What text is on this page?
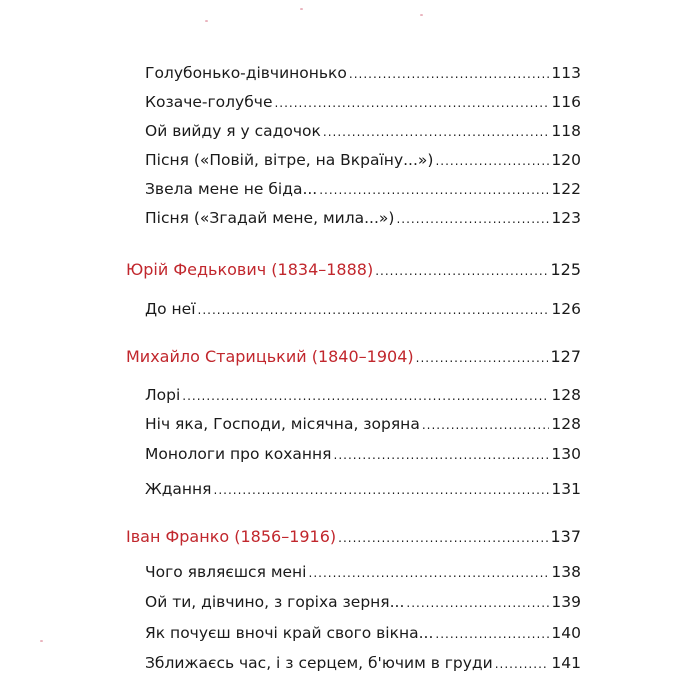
Голубонько-дівчинонько .....	113
Козаче-голубче .....	116
Ой вийду я у садочок .....	118
Пісня («Повій, вітре, на Вкраїну...») .....	120
Звела мене не біда... .....	122
Пісня («Згадай мене, мила...») .....	123
Юрій Федькович (1834–1888) .....	125
До неї .....	126
Михайло Старицький (1840–1904) .....	127
Лорі .....	128
Ніч яка, Господи, місячна, зоряна .....	128
Монологи про кохання .....	130
Ждання .....	131
Іван Франко (1856–1916) .....	137
Чого являєшся мені .....	138
Ой ти, дівчино, з горіха зерня... .....	139
Як почуєш вночі край свого вікна... .....	140
Зближаєсь час, і з серцем, б'ючим в груди .....	141
